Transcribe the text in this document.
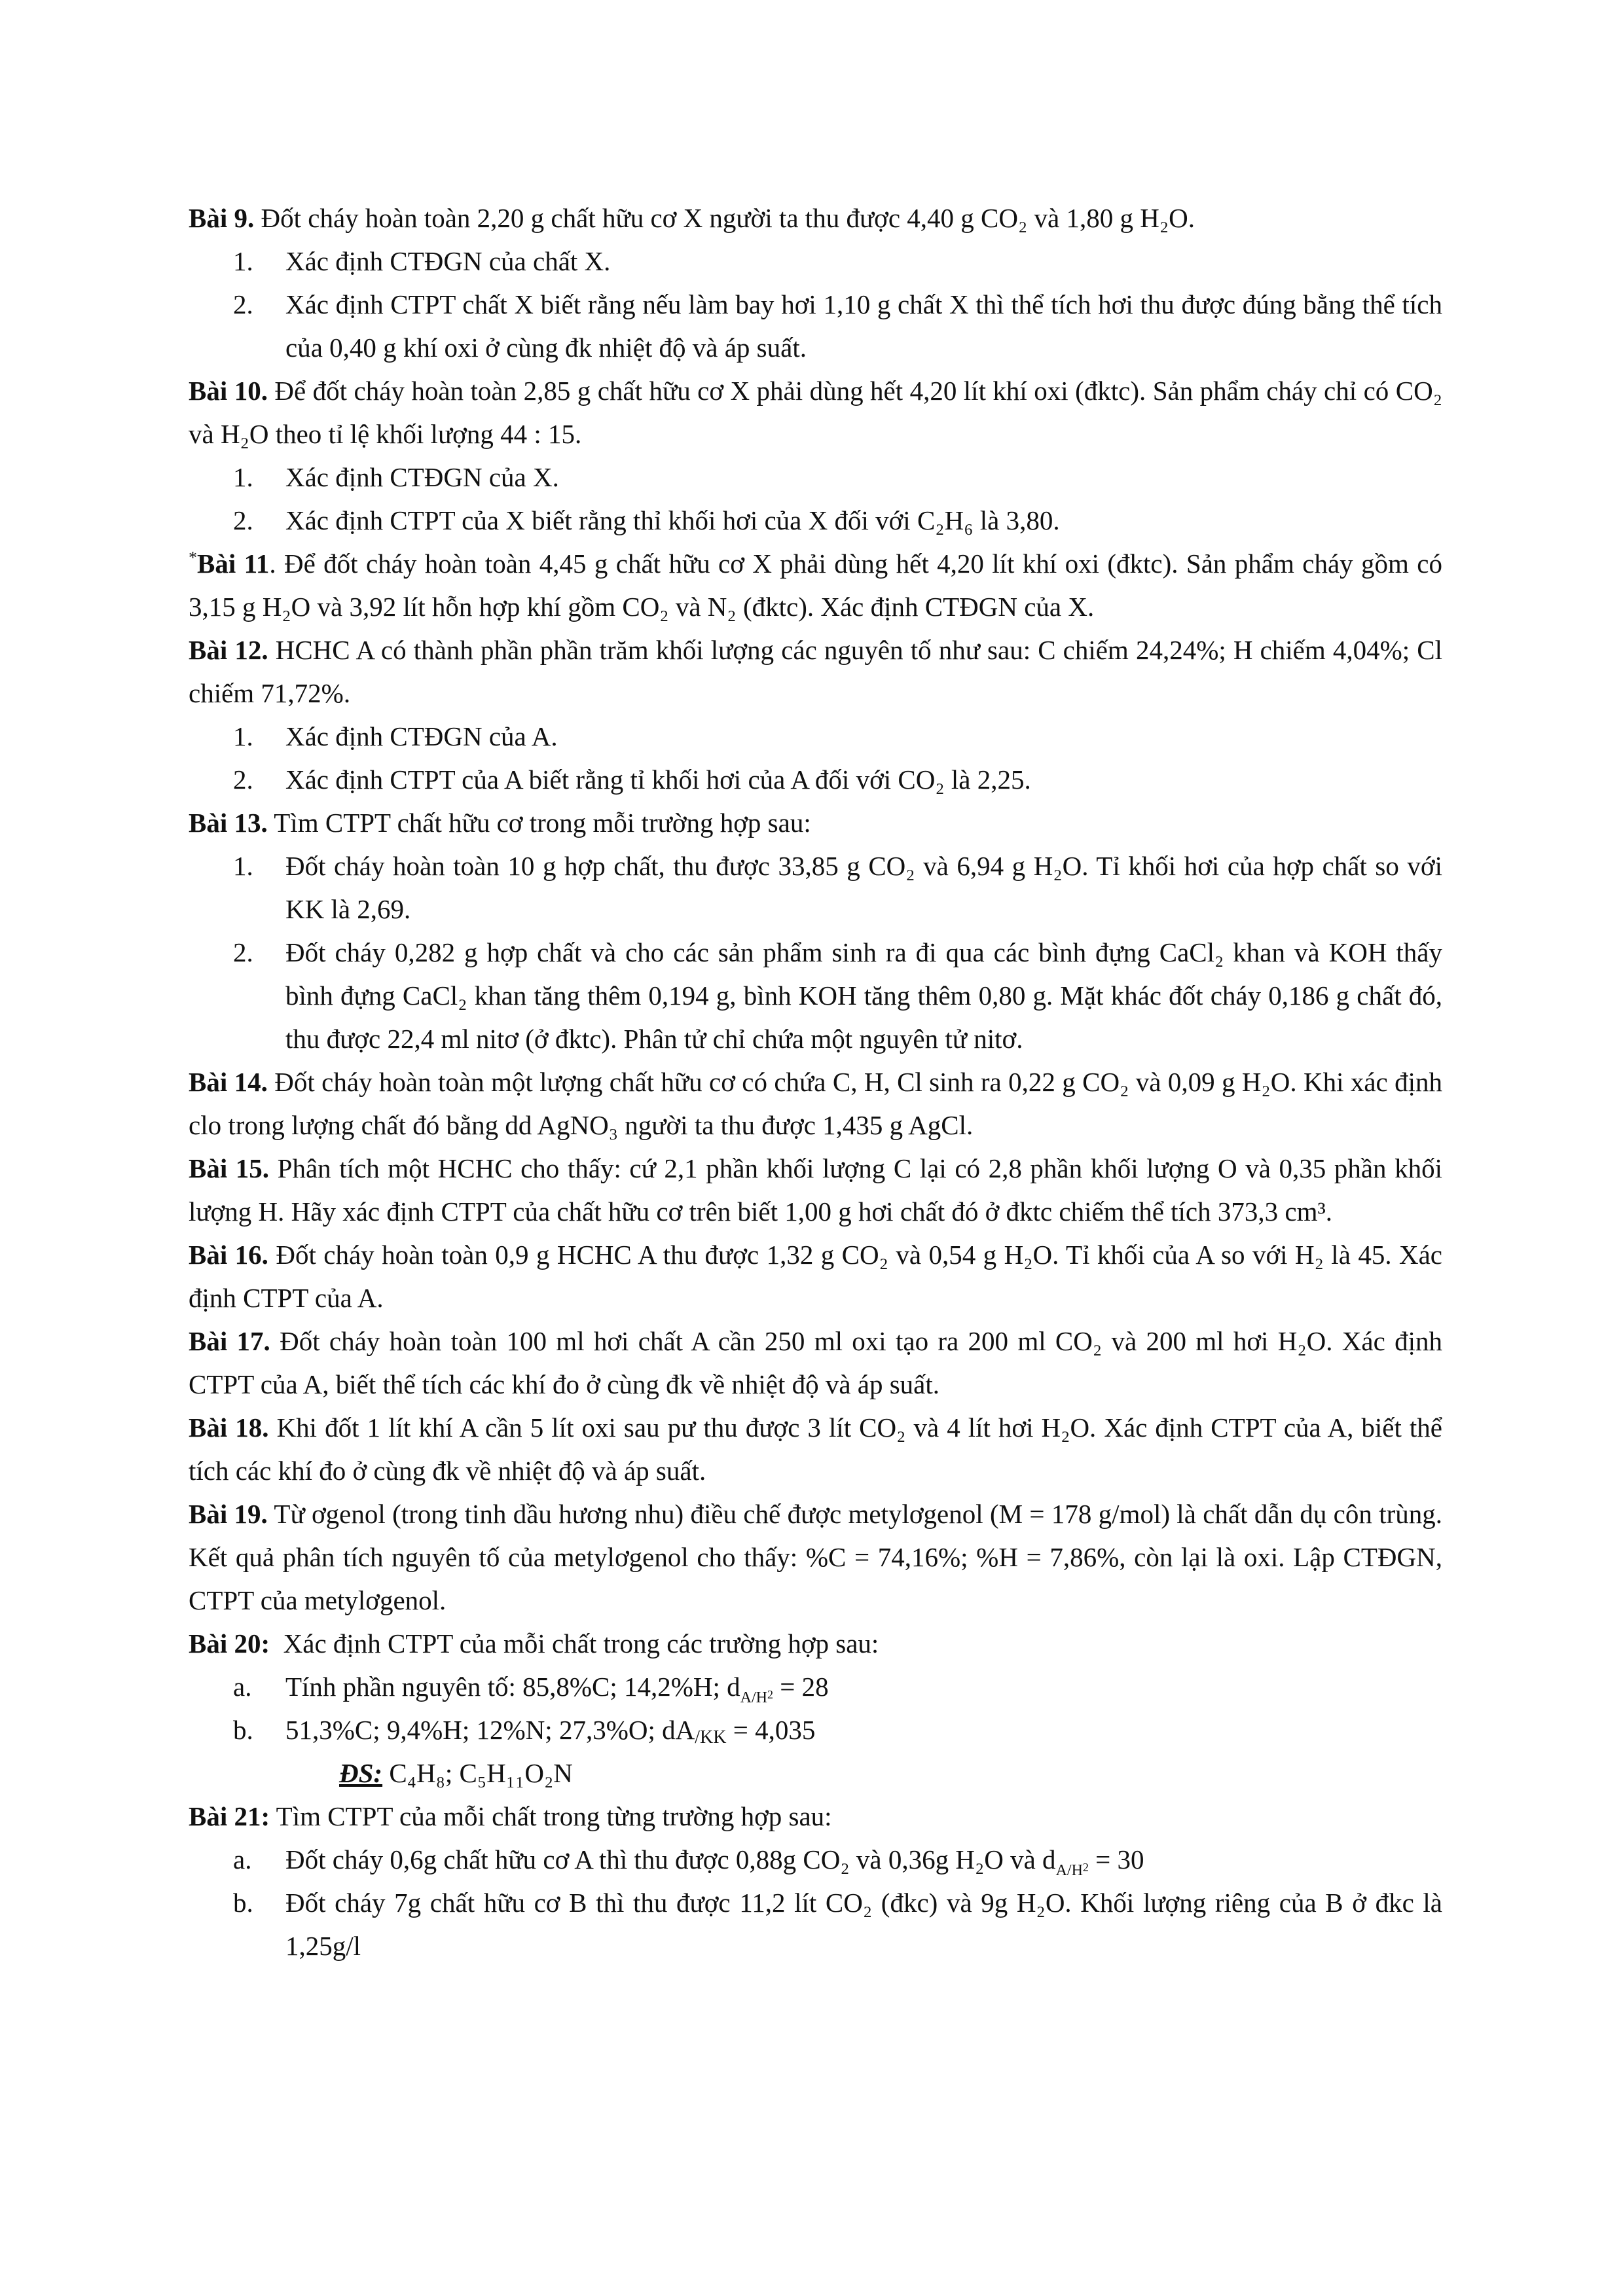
Bài 9. Đốt cháy hoàn toàn 2,20 g chất hữu cơ X người ta thu được 4,40 g CO₂ và 1,80 g H₂O.

1. Xác định CTĐGN của chất X.

2. Xác định CTPT chất X biết rằng nếu làm bay hơi 1,10 g chất X thì thể tích hơi thu được đúng bằng thể tích của 0,40 g khí oxi ở cùng đk nhiệt độ và áp suất.

Bài 10. Để đốt cháy hoàn toàn 2,85 g chất hữu cơ X phải dùng hết 4,20 lít khí oxi (đktc). Sản phẩm cháy chỉ có CO₂ và H₂O theo tỉ lệ khối lượng 44 : 15.

1. Xác định CTĐGN của X.

2. Xác định CTPT của X biết rằng thỉ khối hơi của X đối với C₂H₆ là 3,80.

*Bài 11. Để đốt cháy hoàn toàn 4,45 g chất hữu cơ X phải dùng hết 4,20 lít khí oxi (đktc). Sản phẩm cháy gồm có 3,15 g H₂O và 3,92 lít hỗn hợp khí gồm CO₂ và N₂ (đktc). Xác định CTĐGN của X.

Bài 12. HCHC A có thành phần phần trăm khối lượng các nguyên tố như sau: C chiếm 24,24%; H chiếm 4,04%; Cl chiếm 71,72%.

1. Xác định CTĐGN của A.

2. Xác định CTPT của A biết rằng tỉ khối hơi của A đối với CO₂ là 2,25.

Bài 13. Tìm CTPT chất hữu cơ trong mỗi trường hợp sau:

1. Đốt cháy hoàn toàn 10 g hợp chất, thu được 33,85 g CO₂ và 6,94 g H₂O. Tỉ khối hơi của hợp chất so với KK là 2,69.

2. Đốt cháy 0,282 g hợp chất và cho các sản phẩm sinh ra đi qua các bình đựng CaCl₂ khan và KOH thấy bình đựng CaCl₂ khan tăng thêm 0,194 g, bình KOH tăng thêm 0,80 g. Mặt khác đốt cháy 0,186 g chất đó, thu được 22,4 ml nitơ (ở đktc). Phân tử chỉ chứa một nguyên tử nitơ.

Bài 14. Đốt cháy hoàn toàn một lượng chất hữu cơ có chứa C, H, Cl sinh ra 0,22 g CO₂ và 0,09 g H₂O. Khi xác định clo trong lượng chất đó bằng dd AgNO₃ người ta thu được 1,435 g AgCl.

Bài 15. Phân tích một HCHC cho thấy: cứ 2,1 phần khối lượng C lại có 2,8 phần khối lượng O và 0,35 phần khối lượng H. Hãy xác định CTPT của chất hữu cơ trên biết 1,00 g hơi chất đó ở đktc chiếm thể tích 373,3 cm³.

Bài 16. Đốt cháy hoàn toàn 0,9 g HCHC A thu được 1,32 g CO₂ và 0,54 g H₂O. Tỉ khối của A so với H₂ là 45. Xác định CTPT của A.

Bài 17. Đốt cháy hoàn toàn 100 ml hơi chất A cần 250 ml oxi tạo ra 200 ml CO₂ và 200 ml hơi H₂O. Xác định CTPT của A, biết thể tích các khí đo ở cùng đk về nhiệt độ và áp suất.

Bài 18. Khi đốt 1 lít khí A cần 5 lít oxi sau pư thu được 3 lít CO₂ và 4 lít hơi H₂O. Xác định CTPT của A, biết thể tích các khí đo ở cùng đk về nhiệt độ và áp suất.

Bài 19. Từ ơgenol (trong tinh dầu hương nhu) điều chế được metylơgenol (M = 178 g/mol) là chất dẫn dụ côn trùng. Kết quả phân tích nguyên tố của metylơgenol cho thấy: %C = 74,16%; %H = 7,86%, còn lại là oxi. Lập CTĐGN, CTPT của metylơgenol.

Bài 20: Xác định CTPT của mỗi chất trong các trường hợp sau:

a. Tính phần nguyên tố: 85,8%C; 14,2%H; $d_{A/H}2 = 28$

b. 51,3%C; 9,4%H; 12%N; 27,3%O; $dA_{/KK} = 4,035$

ĐS: C₄H₈; C₅H₁₁O₂N

Bài 21: Tìm CTPT của mỗi chất trong từng trường hợp sau:

a. Đốt cháy 0,6g chất hữu cơ A thì thu được 0,88g CO₂ và 0,36g H₂O và $d_{A/H}2 = 30$

b. Đốt cháy 7g chất hữu cơ B thì thu được 11,2 lít CO₂ (đkc) và 9g H₂O. Khối lượng riêng của B ở đkc là 1,25g/l
